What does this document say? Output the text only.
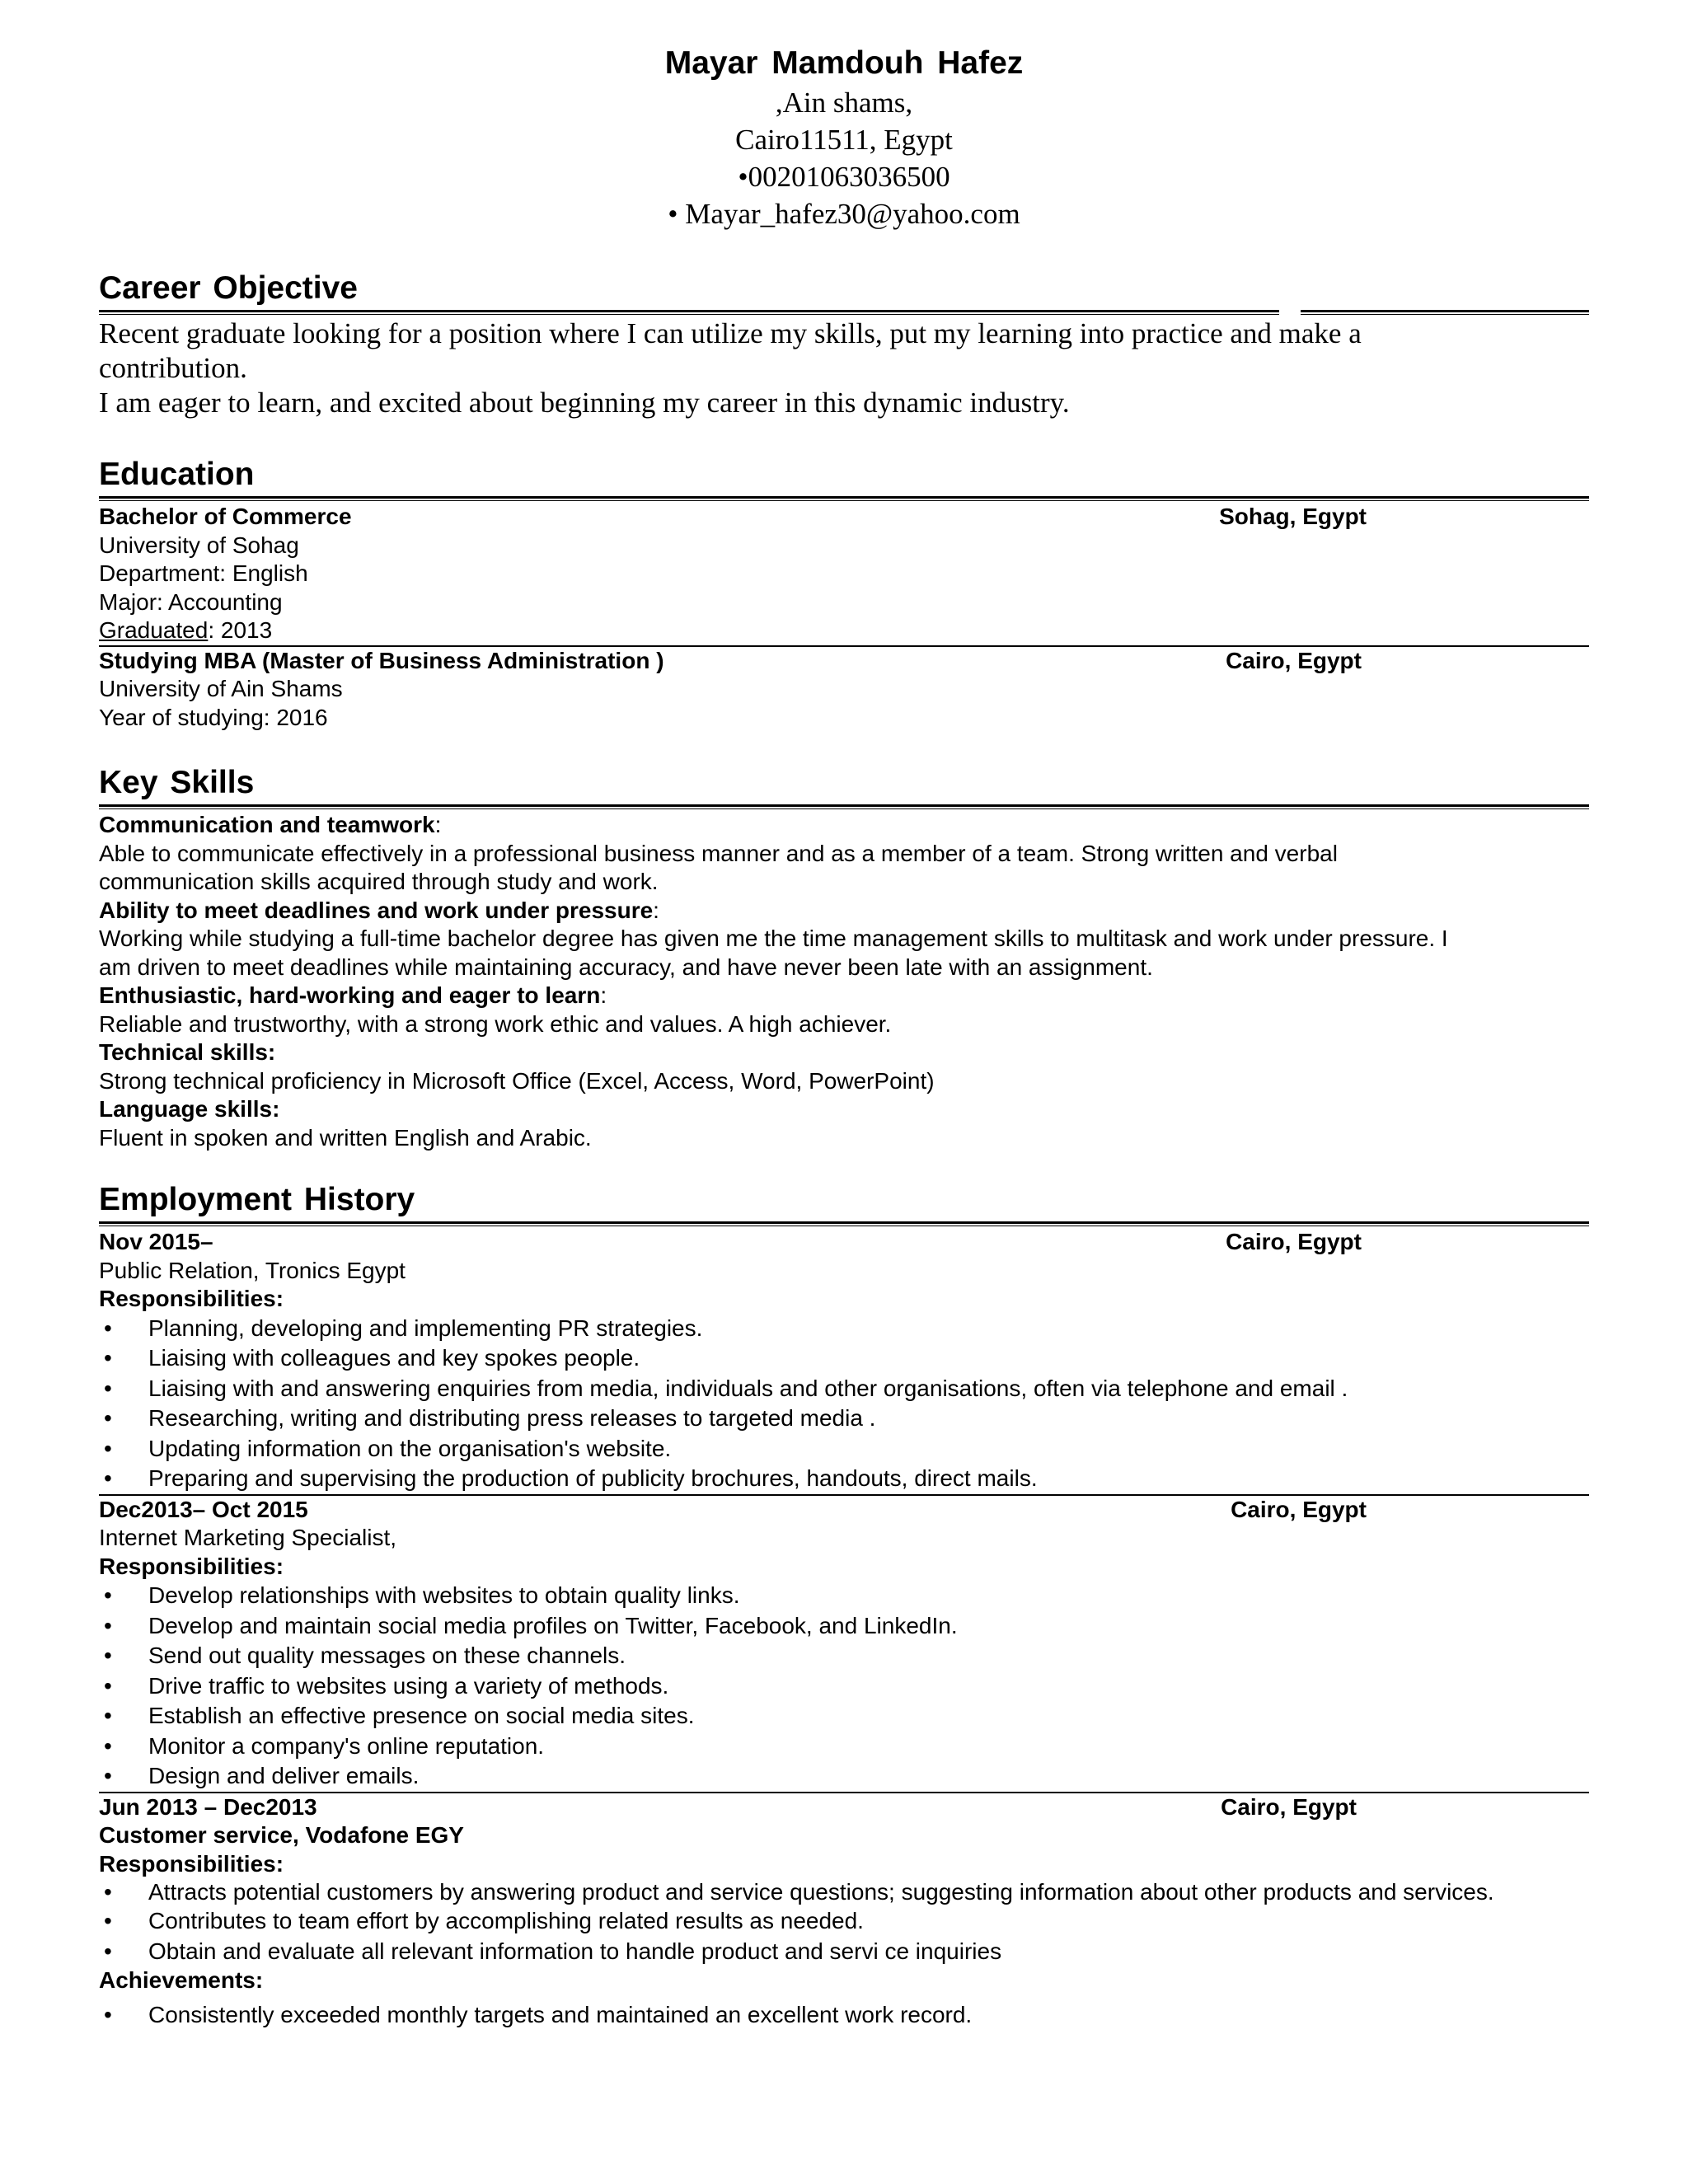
Mayar Mamdouh Hafez
,Ain shams,
Cairo11511, Egypt
•00201063036500
• Mayar_hafez30@yahoo.com
Career Objective
Recent graduate looking for a position where I can utilize my skills, put my learning into practice and make a
contribution.
I am eager to learn, and excited about beginning my career in this dynamic industry.
Education
Bachelor of Commerce	Sohag, Egypt
University of Sohag
Department: English
Major: Accounting
Graduated: 2013
Studying MBA (Master of Business Administration )	Cairo, Egypt
University of Ain Shams
Year of studying: 2016
Key Skills
Communication and teamwork:
Able to communicate effectively in a professional business manner and as a member of a team. Strong written and verbal
communication skills acquired through study and work.
Ability to meet deadlines and work under pressure:
Working while studying a full-time bachelor degree has given me the time management skills to multitask and work under pressure. I
am driven to meet deadlines while maintaining accuracy, and have never been late with an assignment.
Enthusiastic, hard-working and eager to learn:
Reliable and trustworthy, with a strong work ethic and values. A high achiever.
Technical skills:
Strong technical proficiency in Microsoft Office (Excel, Access, Word, PowerPoint)
Language skills:
Fluent in spoken and written English and Arabic.
Employment History
Nov 2015–	Cairo, Egypt
Public Relation, Tronics Egypt
Responsibilities:
• Planning, developing and implementing PR strategies.
• Liaising with colleagues and key spokes people.
• Liaising with and answering enquiries from media, individuals and other organisations, often via telephone and email .
• Researching, writing and distributing press releases to targeted media .
• Updating information on the organisation's website.
• Preparing and supervising the production of publicity brochures, handouts, direct mails.
Dec2013– Oct 2015	Cairo, Egypt
Internet Marketing Specialist,
Responsibilities:
• Develop relationships with websites to obtain quality links.
• Develop and maintain social media profiles on Twitter, Facebook, and LinkedIn.
• Send out quality messages on these channels.
• Drive traffic to websites using a variety of methods.
• Establish an effective presence on social media sites.
• Monitor a company's online reputation.
• Design and deliver emails.
Jun 2013 – Dec2013	Cairo, Egypt
Customer service, Vodafone EGY
Responsibilities:
• Attracts potential customers by answering product and service questions; suggesting information about other products and services.
• Contributes to team effort by accomplishing related results as needed.
• Obtain and evaluate all relevant information to handle product and servi ce inquiries
Achievements:
• Consistently exceeded monthly targets and maintained an excellent work record.
